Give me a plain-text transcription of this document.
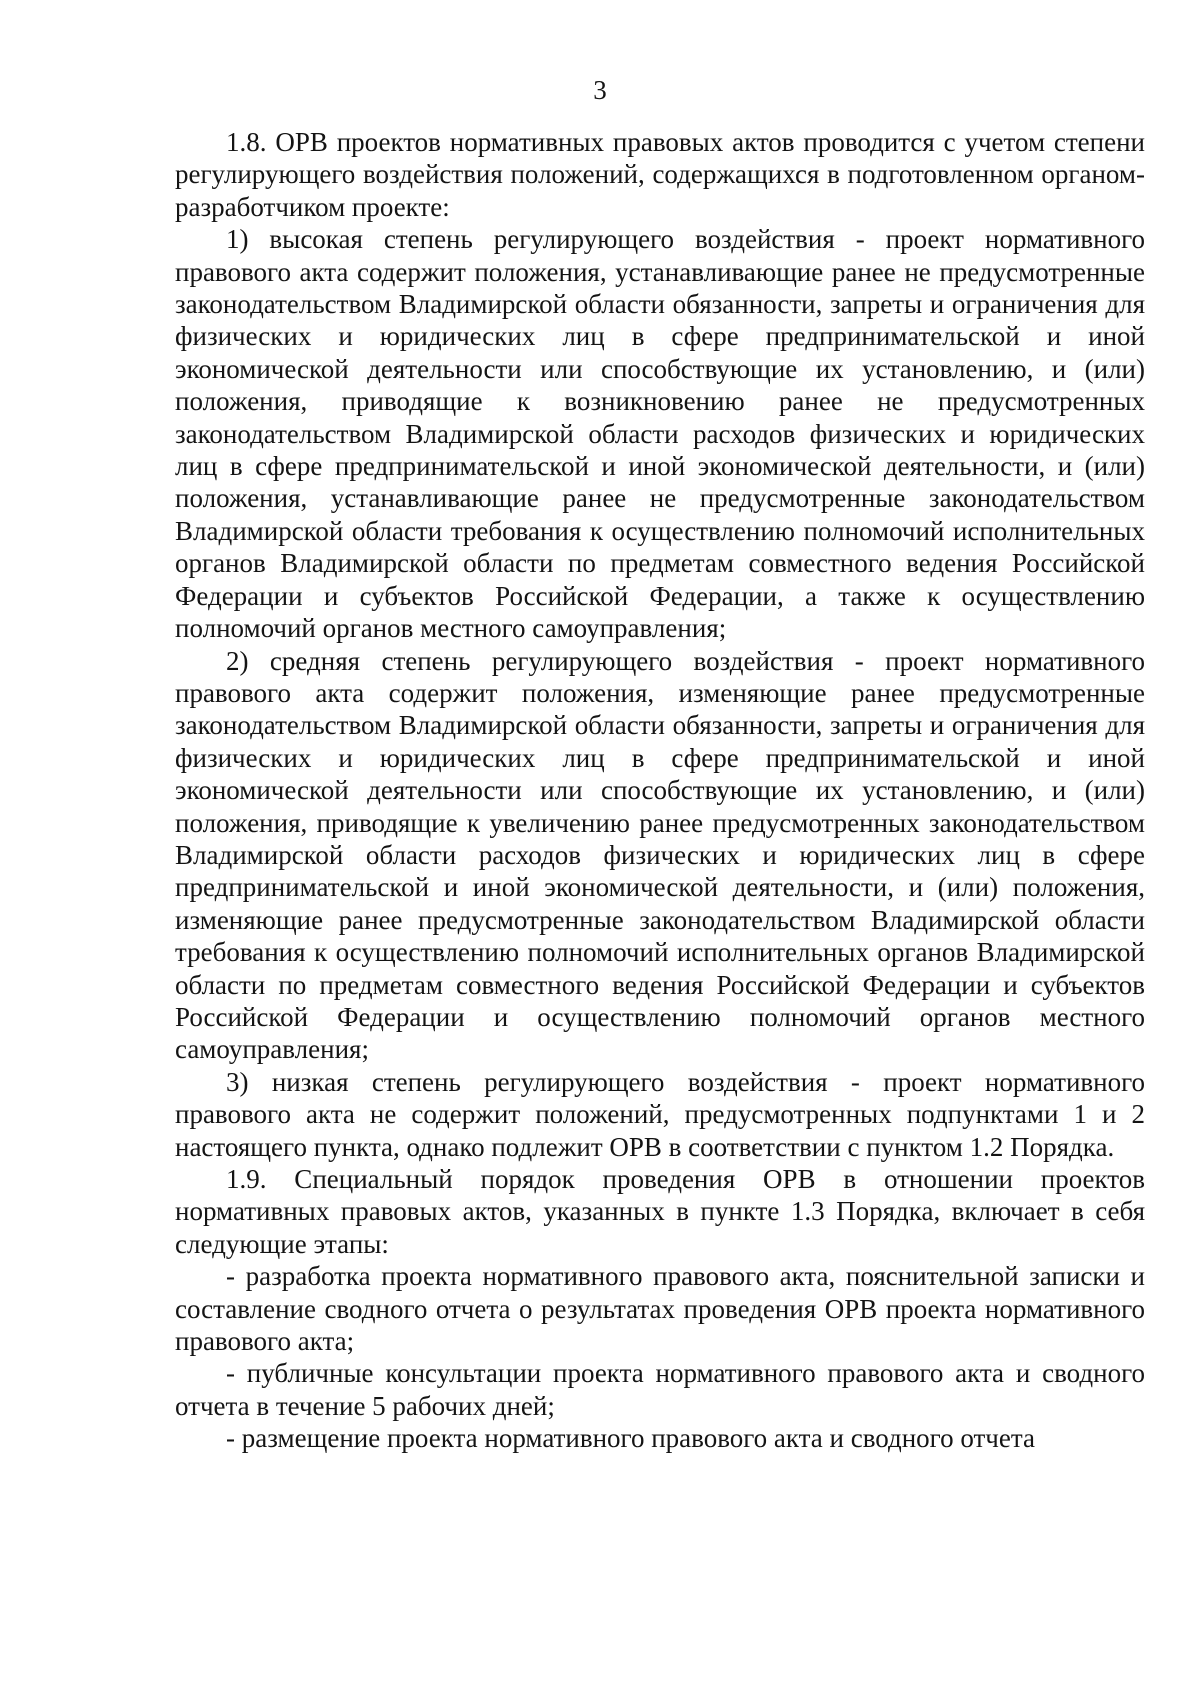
3

1.8. ОРВ проектов нормативных правовых актов проводится с учетом степени регулирующего воздействия положений, содержащихся в подготовленном органом-разработчиком проекте:

1) высокая степень регулирующего воздействия - проект нормативного правового акта содержит положения, устанавливающие ранее не предусмотренные законодательством Владимирской области обязанности, запреты и ограничения для физических и юридических лиц в сфере предпринимательской и иной экономической деятельности или способствующие их установлению, и (или) положения, приводящие к возникновению ранее не предусмотренных законодательством Владимирской области расходов физических и юридических лиц в сфере предпринимательской и иной экономической деятельности, и (или) положения, устанавливающие ранее не предусмотренные законодательством Владимирской области требования к осуществлению полномочий исполнительных органов Владимирской области по предметам совместного ведения Российской Федерации и субъектов Российской Федерации, а также к осуществлению полномочий органов местного самоуправления;

2) средняя степень регулирующего воздействия - проект нормативного правового акта содержит положения, изменяющие ранее предусмотренные законодательством Владимирской области обязанности, запреты и ограничения для физических и юридических лиц в сфере предпринимательской и иной экономической деятельности или способствующие их установлению, и (или) положения, приводящие к увеличению ранее предусмотренных законодательством Владимирской области расходов физических и юридических лиц в сфере предпринимательской и иной экономической деятельности, и (или) положения, изменяющие ранее предусмотренные законодательством Владимирской области требования к осуществлению полномочий исполнительных органов Владимирской области по предметам совместного ведения Российской Федерации и субъектов Российской Федерации и осуществлению полномочий органов местного самоуправления;

3) низкая степень регулирующего воздействия - проект нормативного правового акта не содержит положений, предусмотренных подпунктами 1 и 2 настоящего пункта, однако подлежит ОРВ в соответствии с пунктом 1.2 Порядка.

1.9. Специальный порядок проведения ОРВ в отношении проектов нормативных правовых актов, указанных в пункте 1.3 Порядка, включает в себя следующие этапы:

- разработка проекта нормативного правового акта, пояснительной записки и составление сводного отчета о результатах проведения ОРВ проекта нормативного правового акта;

- публичные консультации проекта нормативного правового акта и сводного отчета в течение 5 рабочих дней;

- размещение проекта нормативного правового акта и сводного отчета
